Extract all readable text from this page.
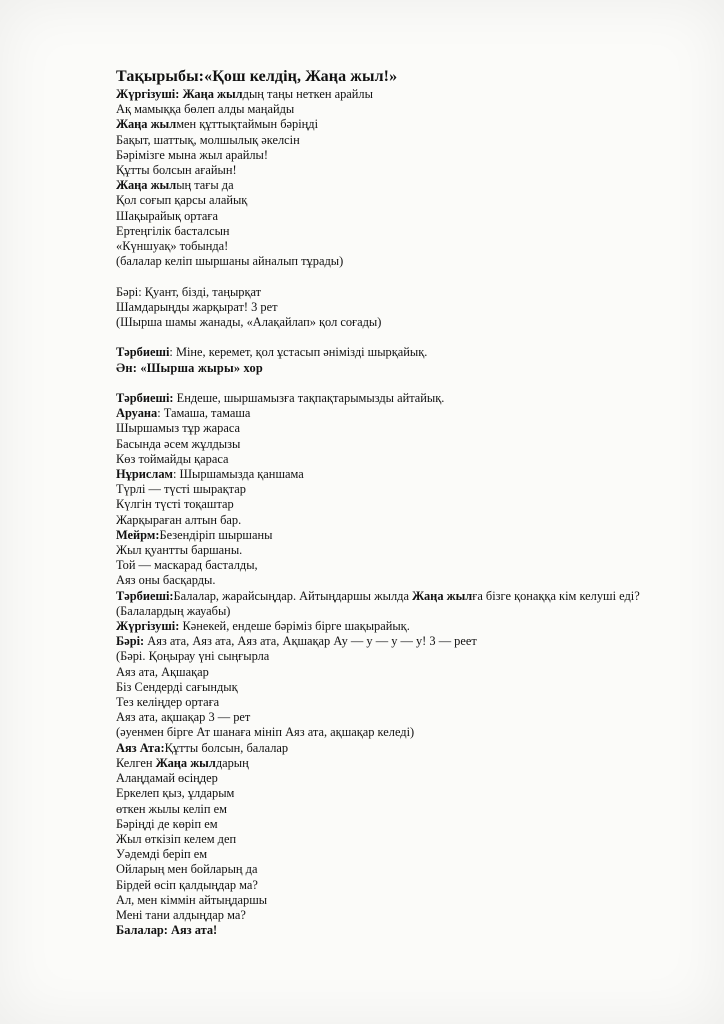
Тақырыбы:«Қош келдің, Жаңа жыл!»
Жүргізуші: Жаңа жылдың таңы неткен арайлы
Ақ мамыққа бөлеп алды маңайды
Жаңа жылмен құттықтаймын бәріңді
Бақыт, шаттық, молшылық әкелсін
Бәрімізге мына жыл арайлы!
Құтты болсын ағайын!
Жаңа жылың тағы да
Қол соғып қарсы алайық
Шақырайық ортаға
Ертеңгілік басталсын
«Күншуақ» тобында!
(балалар келіп шыршаны айналып тұрады)
Бәрі: Қуант, бізді, таңырқат
Шамдарыңды жарқырат! 3 рет
(Шырша шамы жанады, «Алақайлап» қол соғады)
Тәрбиеші: Міне, керемет, қол ұстасып әнімізді шырқайық.
Ән: «Шырша жыры» хор
Тәрбиеші: Ендеше, шыршамызға тақпақтарымызды айтайық.
Аруана: Тамаша, тамаша
Шыршамыз тұр жараса
Басында әсем жұлдызы
Көз тоймайды қараса
Нұрислам: Шыршамызда қаншама
Түрлі — түсті шырақтар
Күлгін түсті тоқаштар
Жарқыраған алтын бар.
Мейрм:Безендіріп шыршаны
Жыл қуантты баршаны.
Той — маскарад басталды,
Аяз оны басқарды.
Тәрбиеші:Балалар, жарайсыңдар. Айтыңдаршы жылда Жаңа жылға бізге қонаққа кім келуші еді?
(Балалардың жауабы)
Жүргізуші: Кәнекей, ендеше бәріміз бірге шақырайық.
Бәрі: Аяз ата, Аяз ата, Аяз ата, Ақшақар Ау — у — у — у! 3 — реет
(Бәрі. Қоңырау үні сыңғырла
Аяз ата, Ақшақар
Біз Сендерді сағындық
Тез келіңдер ортаға
Аяз ата, ақшақар 3 — рет
(әуенмен бірге Ат шанаға мініп Аяз ата, ақшақар келеді)
Аяз Ата:Құтты болсын, балалар
Келген Жаңа жылдарың
Алаңдамай өсіңдер
Еркелеп қыз, ұлдарым
өткен жылы келіп ем
Бәріңді де көріп ем
Жыл өткізіп келем деп
Уәдемді беріп ем
Ойларың мен бойларың да
Бірдей өсіп қалдыңдар ма?
Ал, мен кіммін айтыңдаршы
Мені тани алдыңдар ма?
Балалар: Аяз ата!
